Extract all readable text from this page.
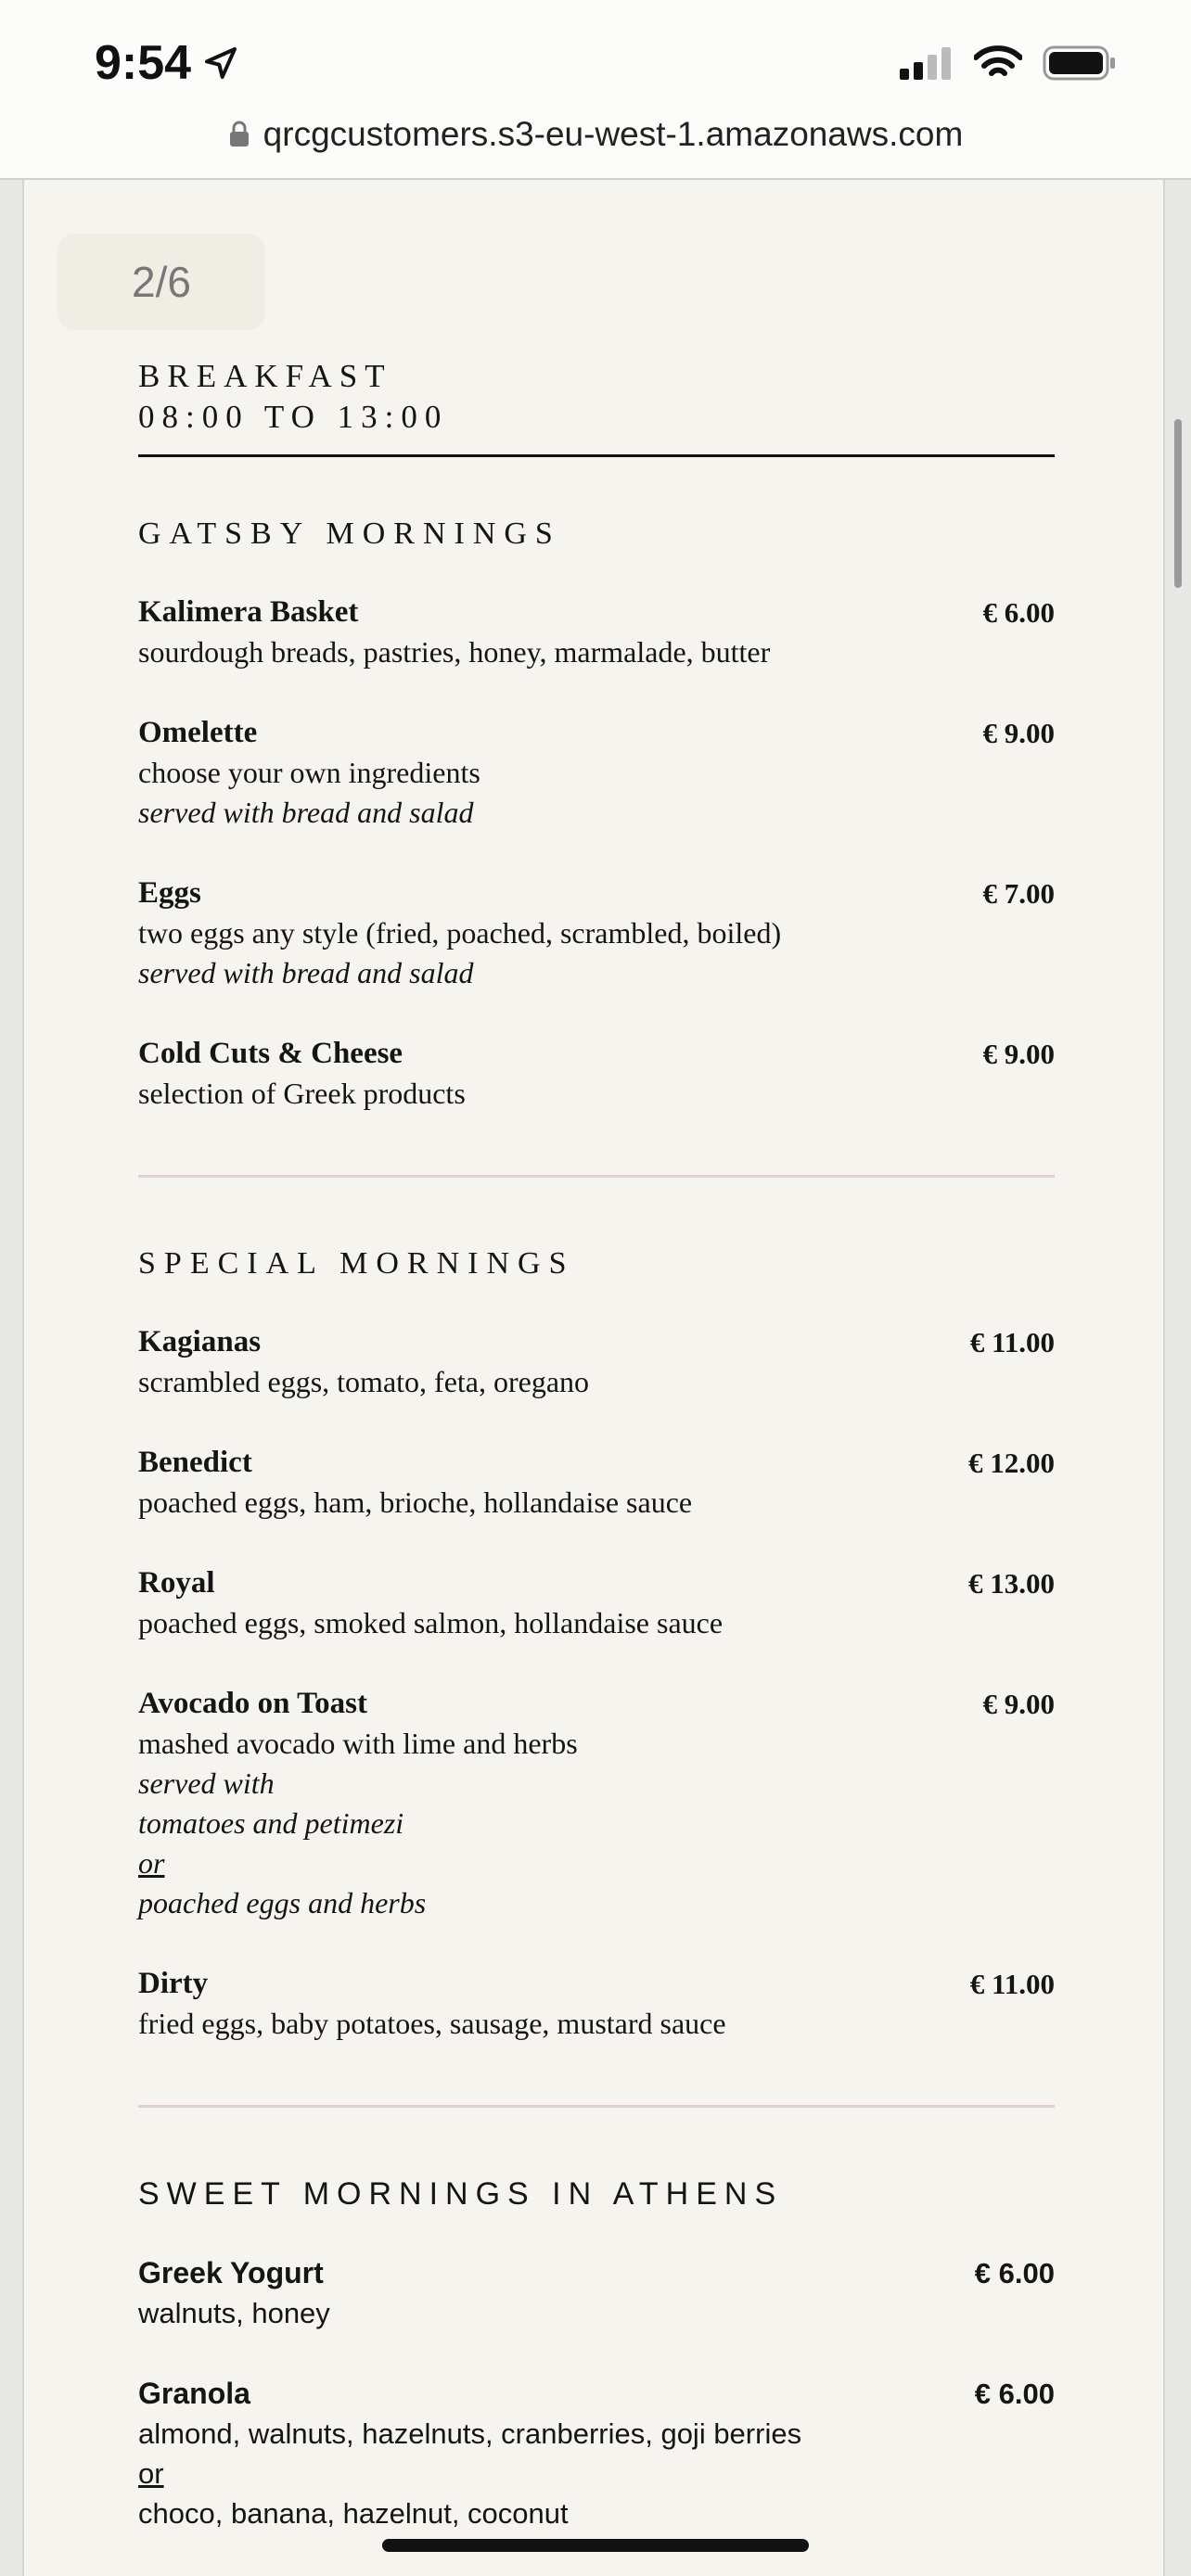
9:54
qrcgcustomers.s3-eu-west-1.amazonaws.com
2/6
BREAKFAST
08:00 TO 13:00
GATSBY MORNINGS
Kalimera Basket	€ 6.00
sourdough breads, pastries, honey, marmalade, butter
Omelette	€ 9.00
choose your own ingredients
served with bread and salad
Eggs	€ 7.00
two eggs any style (fried, poached, scrambled, boiled)
served with bread and salad
Cold Cuts & Cheese	€ 9.00
selection of Greek products
SPECIAL MORNINGS
Kagianas	€ 11.00
scrambled eggs, tomato, feta, oregano
Benedict	€ 12.00
poached eggs, ham, brioche, hollandaise sauce
Royal	€ 13.00
poached eggs, smoked salmon, hollandaise sauce
Avocado on Toast	€ 9.00
mashed avocado with lime and herbs
served with
tomatoes and petimezi
or
poached eggs and herbs
Dirty	€ 11.00
fried eggs, baby potatoes, sausage, mustard sauce
SWEET MORNINGS IN ATHENS
Greek Yogurt	€ 6.00
walnuts, honey
Granola	€ 6.00
almond, walnuts, hazelnuts, cranberries, goji berries
or
choco, banana, hazelnut, coconut
